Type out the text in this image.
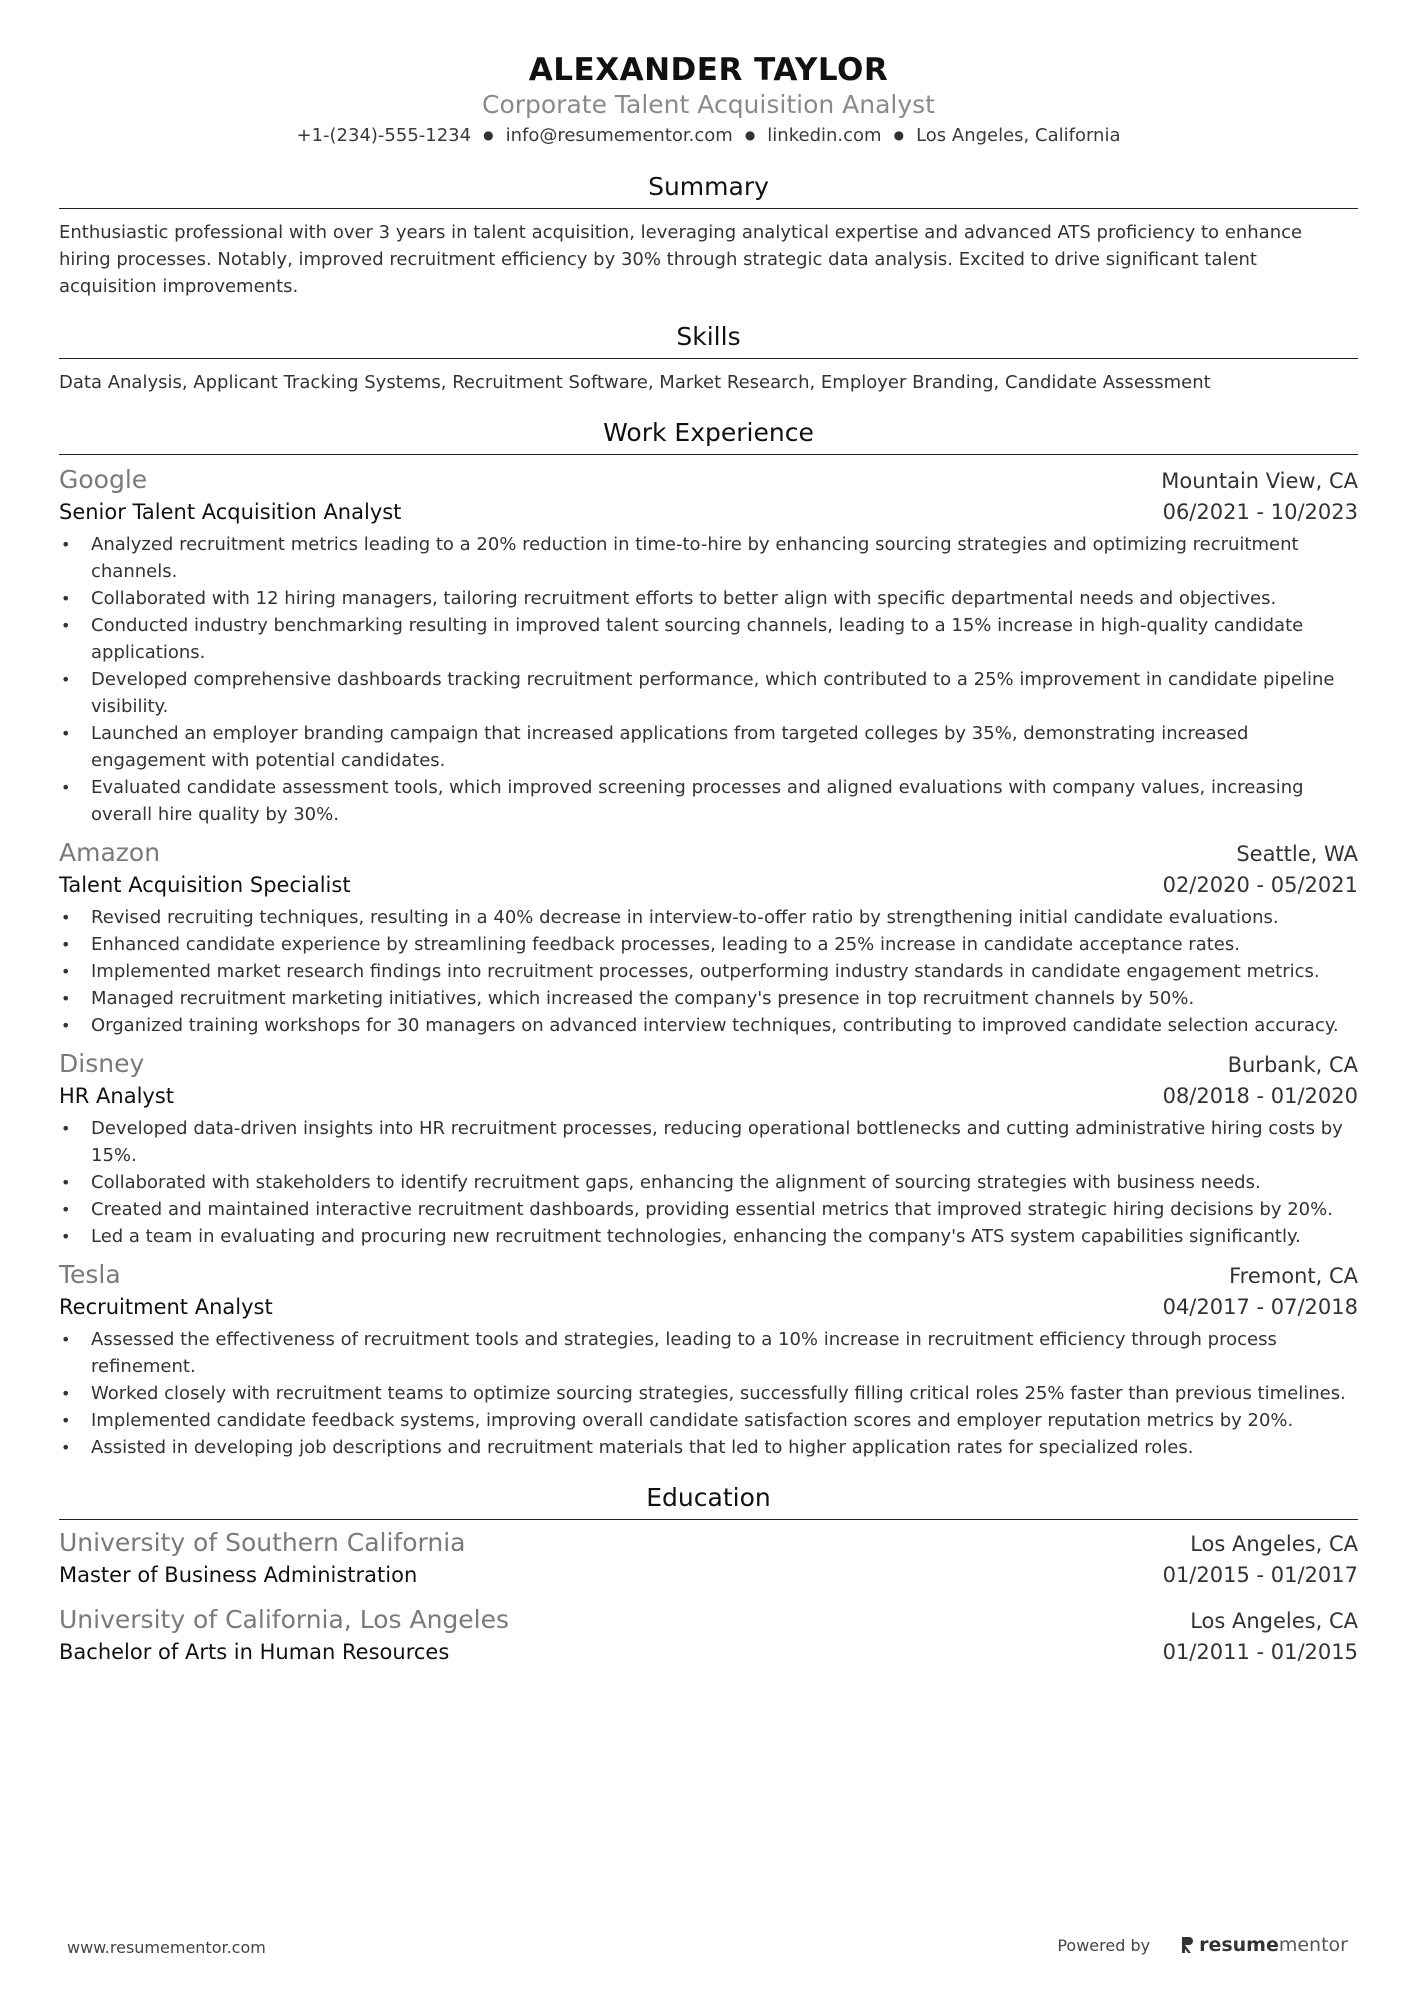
ALEXANDER TAYLOR
Corporate Talent Acquisition Analyst
+1-(234)-555-1234 ● info@resumementor.com ● linkedin.com ● Los Angeles, California
Summary

Enthusiastic professional with over 3 years in talent acquisition, leveraging analytical expertise and advanced ATS proficiency to enhance hiring processes. Notably, improved recruitment efficiency by 30% through strategic data analysis. Excited to drive significant talent acquisition improvements.

Skills

Data Analysis, Applicant Tracking Systems, Recruitment Software, Market Research, Employer Branding, Candidate Assessment

Work Experience
Google	Mountain View, CA
Senior Talent Acquisition Analyst	06/2021 - 10/2023
• Analyzed recruitment metrics leading to a 20% reduction in time-to-hire by enhancing sourcing strategies and optimizing recruitment channels.
• Collaborated with 12 hiring managers, tailoring recruitment efforts to better align with specific departmental needs and objectives.
• Conducted industry benchmarking resulting in improved talent sourcing channels, leading to a 15% increase in high-quality candidate applications.
• Developed comprehensive dashboards tracking recruitment performance, which contributed to a 25% improvement in candidate pipeline visibility.
• Launched an employer branding campaign that increased applications from targeted colleges by 35%, demonstrating increased engagement with potential candidates.
• Evaluated candidate assessment tools, which improved screening processes and aligned evaluations with company values, increasing overall hire quality by 30%.
Amazon	Seattle, WA
Talent Acquisition Specialist	02/2020 - 05/2021
• Revised recruiting techniques, resulting in a 40% decrease in interview-to-offer ratio by strengthening initial candidate evaluations.
• Enhanced candidate experience by streamlining feedback processes, leading to a 25% increase in candidate acceptance rates.
• Implemented market research findings into recruitment processes, outperforming industry standards in candidate engagement metrics.
• Managed recruitment marketing initiatives, which increased the company's presence in top recruitment channels by 50%.
• Organized training workshops for 30 managers on advanced interview techniques, contributing to improved candidate selection accuracy.
Disney	Burbank, CA
HR Analyst	08/2018 - 01/2020
• Developed data-driven insights into HR recruitment processes, reducing operational bottlenecks and cutting administrative hiring costs by 15%.
• Collaborated with stakeholders to identify recruitment gaps, enhancing the alignment of sourcing strategies with business needs.
• Created and maintained interactive recruitment dashboards, providing essential metrics that improved strategic hiring decisions by 20%.
• Led a team in evaluating and procuring new recruitment technologies, enhancing the company's ATS system capabilities significantly.
Tesla	Fremont, CA
Recruitment Analyst	04/2017 - 07/2018
• Assessed the effectiveness of recruitment tools and strategies, leading to a 10% increase in recruitment efficiency through process refinement.
• Worked closely with recruitment teams to optimize sourcing strategies, successfully filling critical roles 25% faster than previous timelines.
• Implemented candidate feedback systems, improving overall candidate satisfaction scores and employer reputation metrics by 20%.
• Assisted in developing job descriptions and recruitment materials that led to higher application rates for specialized roles.
Education
University of Southern California	Los Angeles, CA
Master of Business Administration	01/2015 - 01/2017
University of California, Los Angeles	Los Angeles, CA
Bachelor of Arts in Human Resources	01/2011 - 01/2015
www.resumementor.com	Powered by	resume mentor
